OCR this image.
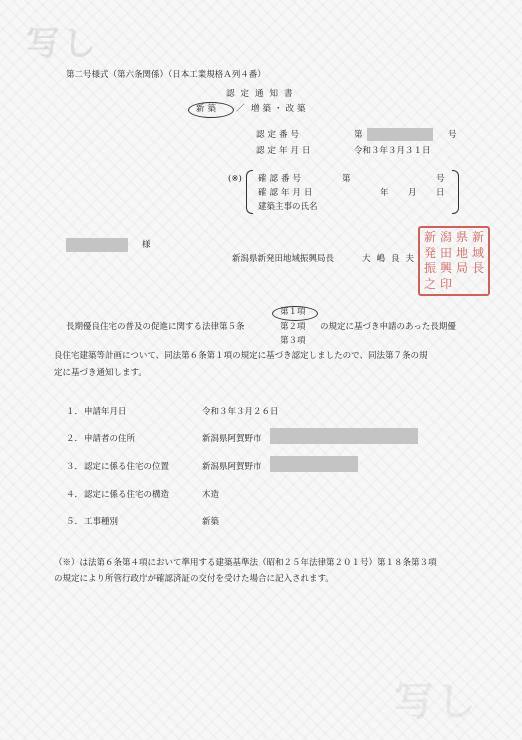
写し
写し
第二号様式（第六条関係）（日本工業規格Ａ列４番）
認定通知書
新築 ／ 増築・改築
認定番号	第	号
認定年月日	令和３年３月３１日
(※) 確認番号	第	号
確認年月日	年 月 日
建築主事の氏名
様
新潟県新発田地域振興局長	大嶋良夫
新 潟 県 新
発 田 地 域
振 興 局 長
之 印
第１項
長期優良住宅の普及の促進に関する法律第５条	第２項 の規定に基づき申請のあった長期優
第３項
良住宅建築等計画について、同法第６条第１項の規定に基づき認定しましたので、同法第７条の規
定に基づき通知します。
１． 申請年月日	令和３年３月２６日
２． 申請者の住所	新潟県阿賀野市
３． 認定に係る住宅の位置	新潟県阿賀野市
４． 認定に係る住宅の構造	木造
５． 工事種別	新築
（※）は法第６条第４項において準用する建築基準法（昭和２５年法律第２０１号）第１８条第３項
の規定により所管行政庁が確認済証の交付を受けた場合に記入されます。
